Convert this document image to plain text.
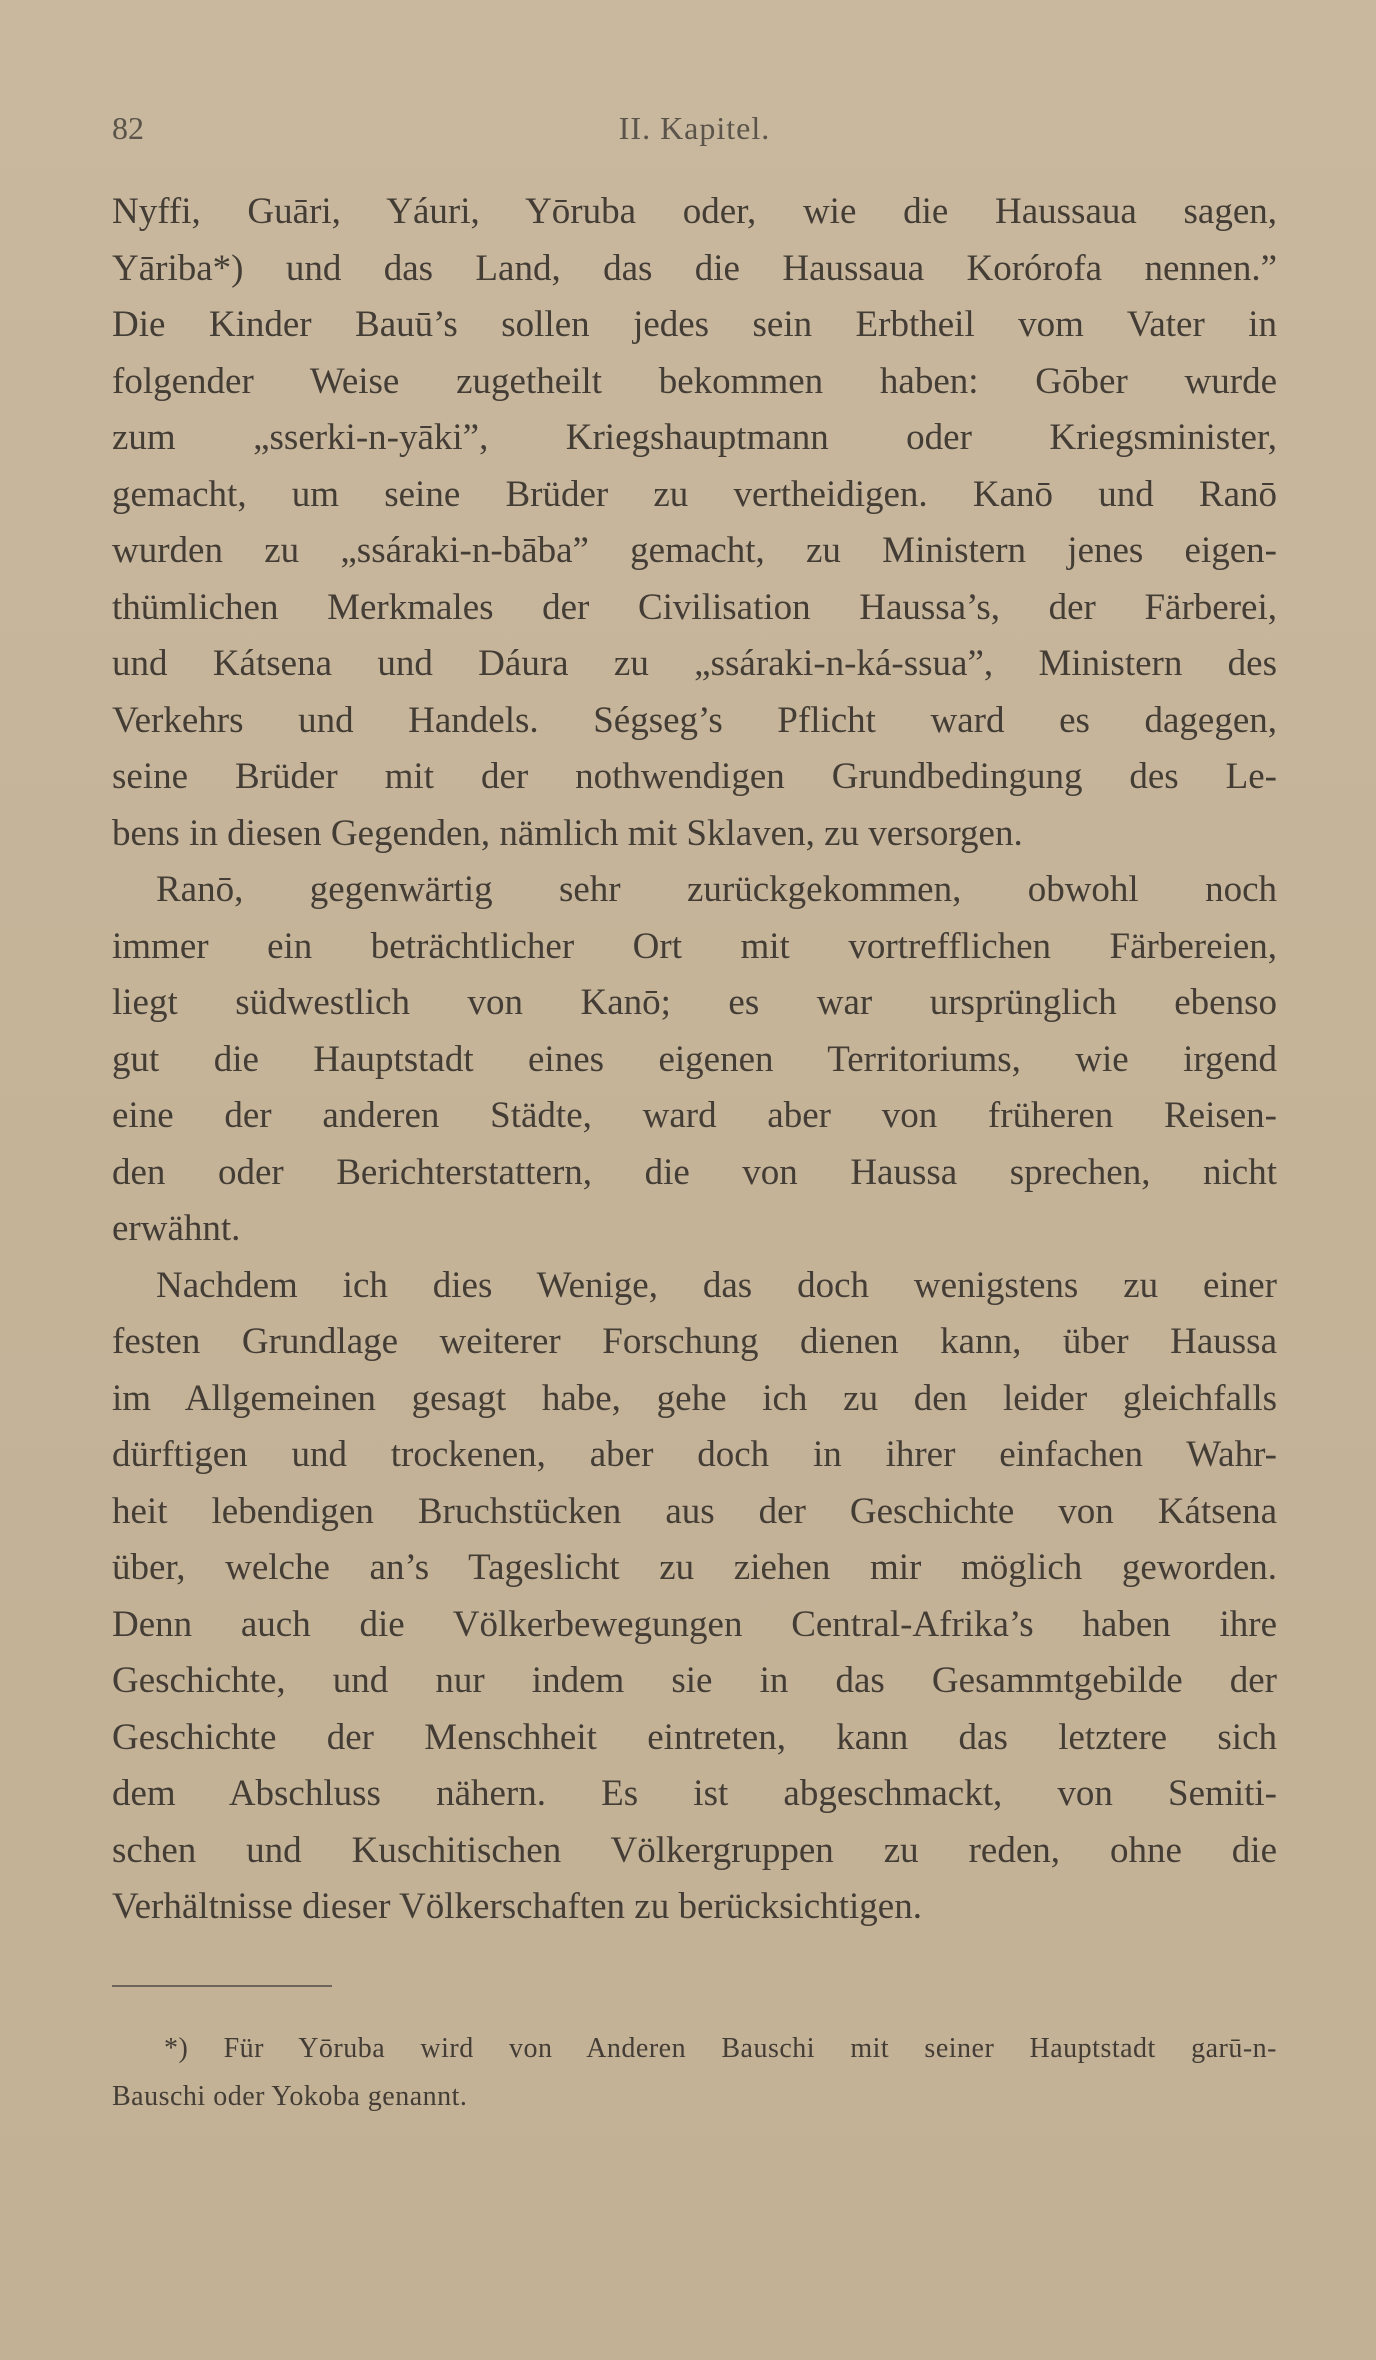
82	II. Kapitel.
Nyffi, Guāri, Yáuri, Yōruba oder, wie die Haussaua sagen,
Yāriba*) und das Land, das die Haussaua Korórofa nennen.”
Die Kinder Bauū’s sollen jedes sein Erbtheil vom Vater in
folgender Weise zugetheilt bekommen haben: Gōber wurde
zum „sserki-n-yāki”, Kriegshauptmann oder Kriegsminister,
gemacht, um seine Brüder zu vertheidigen. Kanō und Ranō
wurden zu „ssáraki-n-bāba” gemacht, zu Ministern jenes eigen-
thümlichen Merkmales der Civilisation Haussa’s, der Färberei,
und Kátsena und Dáura zu „ssáraki-n-ká-ssua”, Ministern des
Verkehrs und Handels. Ségseg’s Pflicht ward es dagegen,
seine Brüder mit der nothwendigen Grundbedingung des Le-
bens in diesen Gegenden, nämlich mit Sklaven, zu versorgen.
Ranō, gegenwärtig sehr zurückgekommen, obwohl noch
immer ein beträchtlicher Ort mit vortrefflichen Färbereien,
liegt südwestlich von Kanō; es war ursprünglich ebenso
gut die Hauptstadt eines eigenen Territoriums, wie irgend
eine der anderen Städte, ward aber von früheren Reisen-
den oder Berichterstattern, die von Haussa sprechen, nicht
erwähnt.
Nachdem ich dies Wenige, das doch wenigstens zu einer
festen Grundlage weiterer Forschung dienen kann, über Haussa
im Allgemeinen gesagt habe, gehe ich zu den leider gleichfalls
dürftigen und trockenen, aber doch in ihrer einfachen Wahr-
heit lebendigen Bruchstücken aus der Geschichte von Kátsena
über, welche an’s Tageslicht zu ziehen mir möglich geworden.
Denn auch die Völkerbewegungen Central-Afrika’s haben ihre
Geschichte, und nur indem sie in das Gesammtgebilde der
Geschichte der Menschheit eintreten, kann das letztere sich
dem Abschluss nähern. Es ist abgeschmackt, von Semiti-
schen und Kuschitischen Völkergruppen zu reden, ohne die
Verhältnisse dieser Völkerschaften zu berücksichtigen.
*) Für Yōruba wird von Anderen Bauschi mit seiner Hauptstadt garū-n-
Bauschi oder Yokoba genannt.
